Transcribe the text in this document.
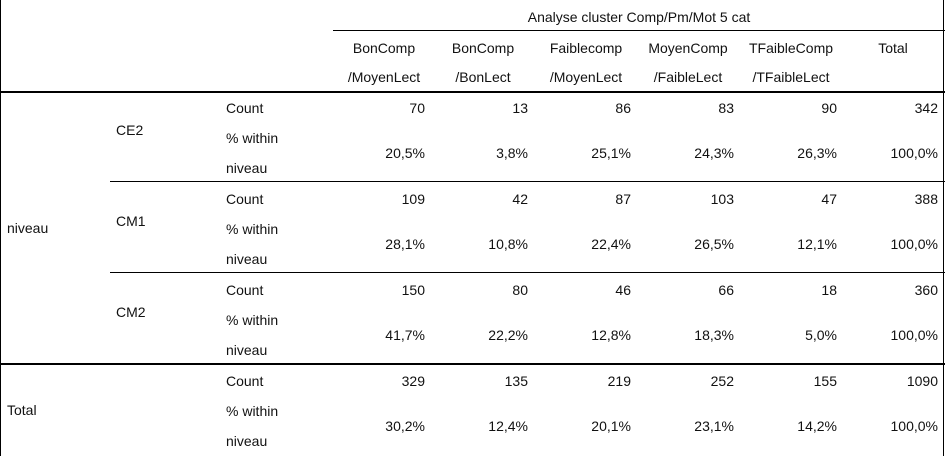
Analyse cluster Comp/Pm/Mot 5 cat
BonComp
/MoyenLect
BonComp
/BonLect
Faiblecomp
/MoyenLect
MoyenComp
/FaibleLect
TFaibleComp
/TFaibleLect
Total
niveau
Total
CE2
Count
% within
niveau
70
20,5%
13
3,8%
86
25,1%
83
24,3%
90
26,3%
342
100,0%
CM1
Count
% within
niveau
109
28,1%
42
10,8%
87
22,4%
103
26,5%
47
12,1%
388
100,0%
CM2
Count
% within
niveau
150
41,7%
80
22,2%
46
12,8%
66
18,3%
18
5,0%
360
100,0%
Count
% within
niveau
329
30,2%
135
12,4%
219
20,1%
252
23,1%
155
14,2%
1090
100,0%
